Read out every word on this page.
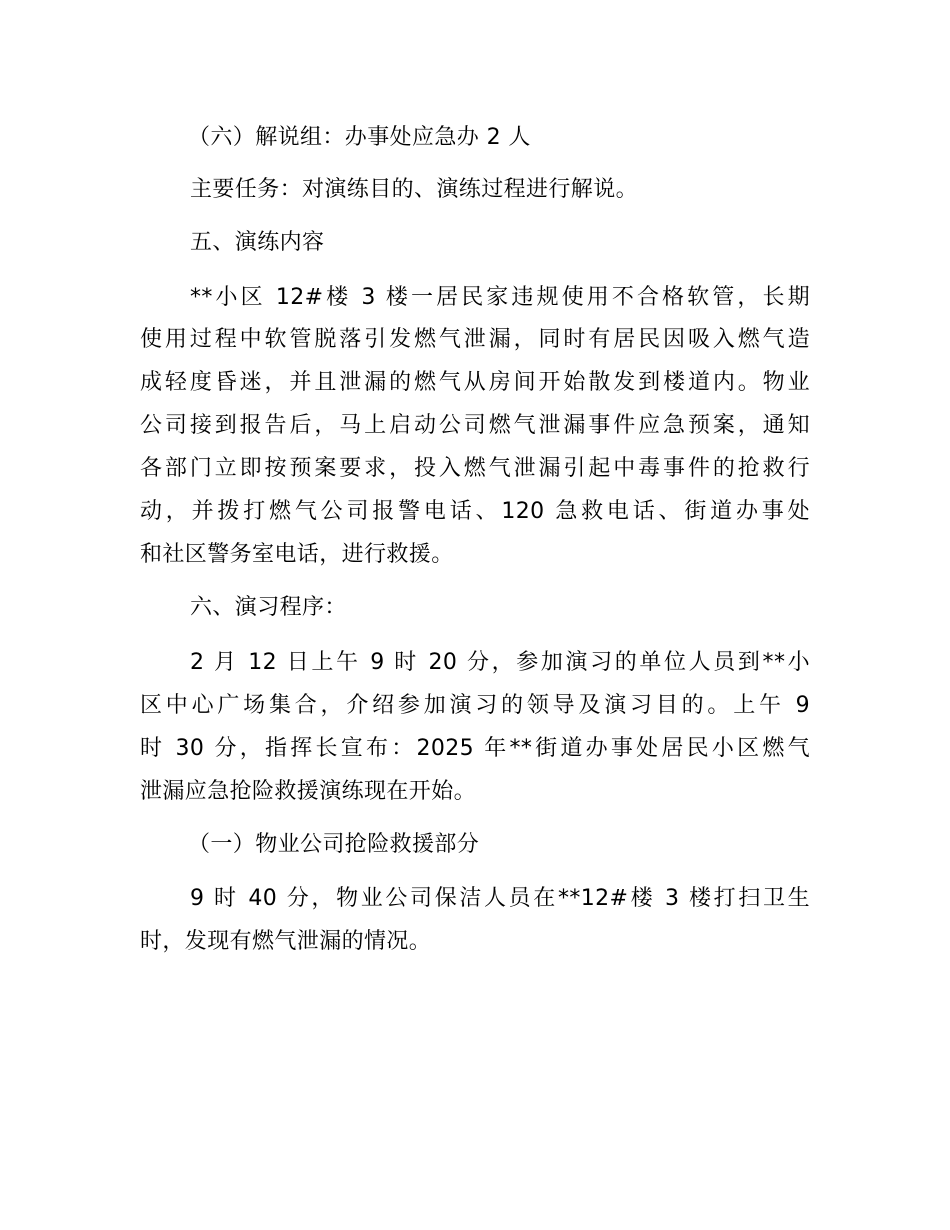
（六）解说组：办事处应急办 2 人
主要任务：对演练目的、演练过程进行解说。
五、演练内容
**小区 12#楼 3 楼一居民家违规使用不合格软管，长期
使用过程中软管脱落引发燃气泄漏，同时有居民因吸入燃气造
成轻度昏迷，并且泄漏的燃气从房间开始散发到楼道内。物业
公司接到报告后，马上启动公司燃气泄漏事件应急预案，通知
各部门立即按预案要求，投入燃气泄漏引起中毒事件的抢救行
动，并拨打燃气公司报警电话、120 急救电话、街道办事处
和社区警务室电话，进行救援。
六、演习程序：
2 月 12 日上午 9 时 20 分，参加演习的单位人员到**小
区中心广场集合，介绍参加演习的领导及演习目的。上午 9
时 30 分，指挥长宣布：2025 年**街道办事处居民小区燃气
泄漏应急抢险救援演练现在开始。
（一）物业公司抢险救援部分
9 时 40 分，物业公司保洁人员在**12#楼 3 楼打扫卫生
时，发现有燃气泄漏的情况。
